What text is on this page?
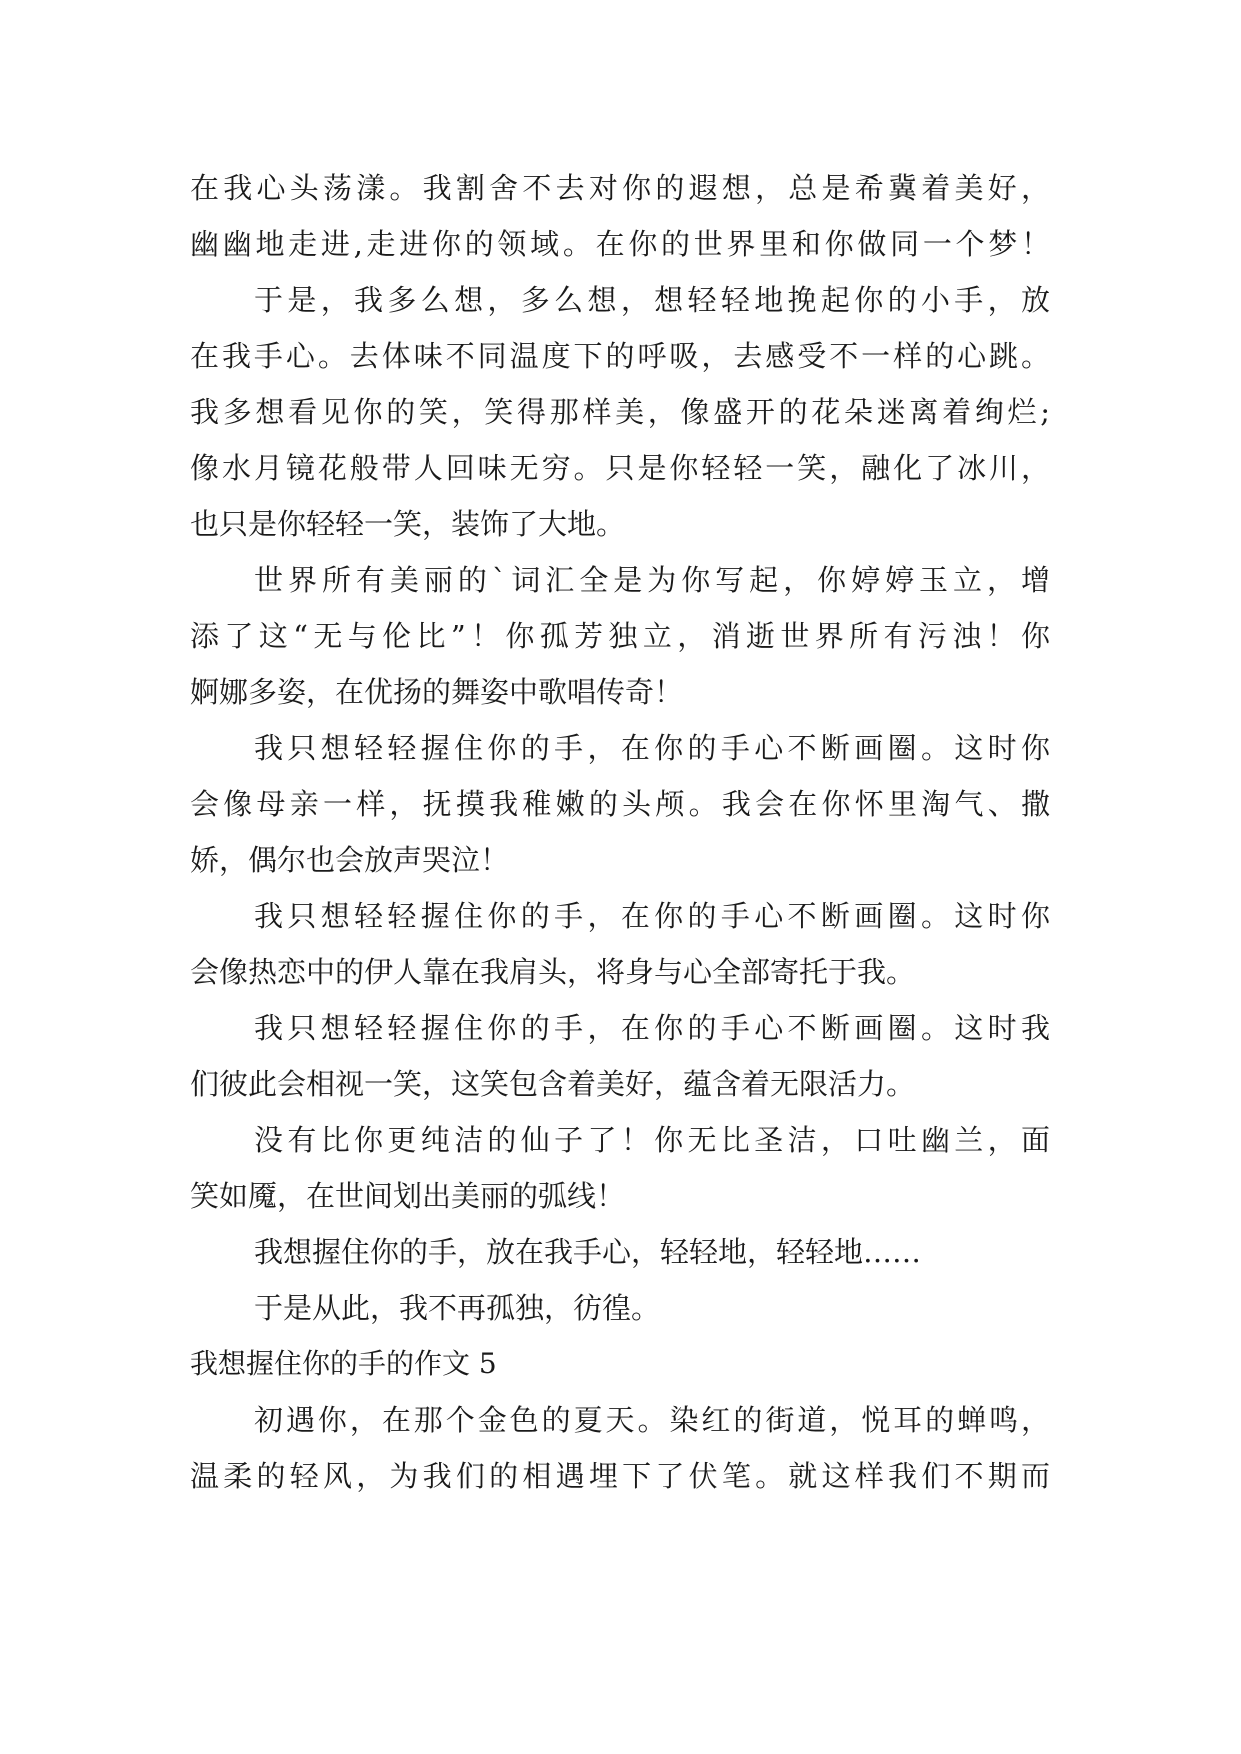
在我心头荡漾。我割舍不去对你的遐想，总是希冀着美好，
幽幽地走进,走进你的领域。在你的世界里和你做同一个梦！
于是，我多么想，多么想，想轻轻地挽起你的小手，放
在我手心。去体味不同温度下的呼吸，去感受不一样的心跳。
我多想看见你的笑，笑得那样美，像盛开的花朵迷离着绚烂;
像水月镜花般带人回味无穷。只是你轻轻一笑，融化了冰川，
也只是你轻轻一笑，装饰了大地。
世界所有美丽的`词汇全是为你写起，你婷婷玉立，增
添了这“无与伦比”！你孤芳独立，消逝世界所有污浊！你
婀娜多姿，在优扬的舞姿中歌唱传奇！
我只想轻轻握住你的手，在你的手心不断画圈。这时你
会像母亲一样，抚摸我稚嫩的头颅。我会在你怀里淘气、撒
娇，偶尔也会放声哭泣！
我只想轻轻握住你的手，在你的手心不断画圈。这时你
会像热恋中的伊人靠在我肩头，将身与心全部寄托于我。
我只想轻轻握住你的手，在你的手心不断画圈。这时我
们彼此会相视一笑，这笑包含着美好，蕴含着无限活力。
没有比你更纯洁的仙子了！你无比圣洁，口吐幽兰，面
笑如魇，在世间划出美丽的弧线！
我想握住你的手，放在我手心，轻轻地，轻轻地……
于是从此，我不再孤独，彷徨。
我想握住你的手的作文 5
初遇你，在那个金色的夏天。染红的街道，悦耳的蝉鸣，
温柔的轻风，为我们的相遇埋下了伏笔。就这样我们不期而
